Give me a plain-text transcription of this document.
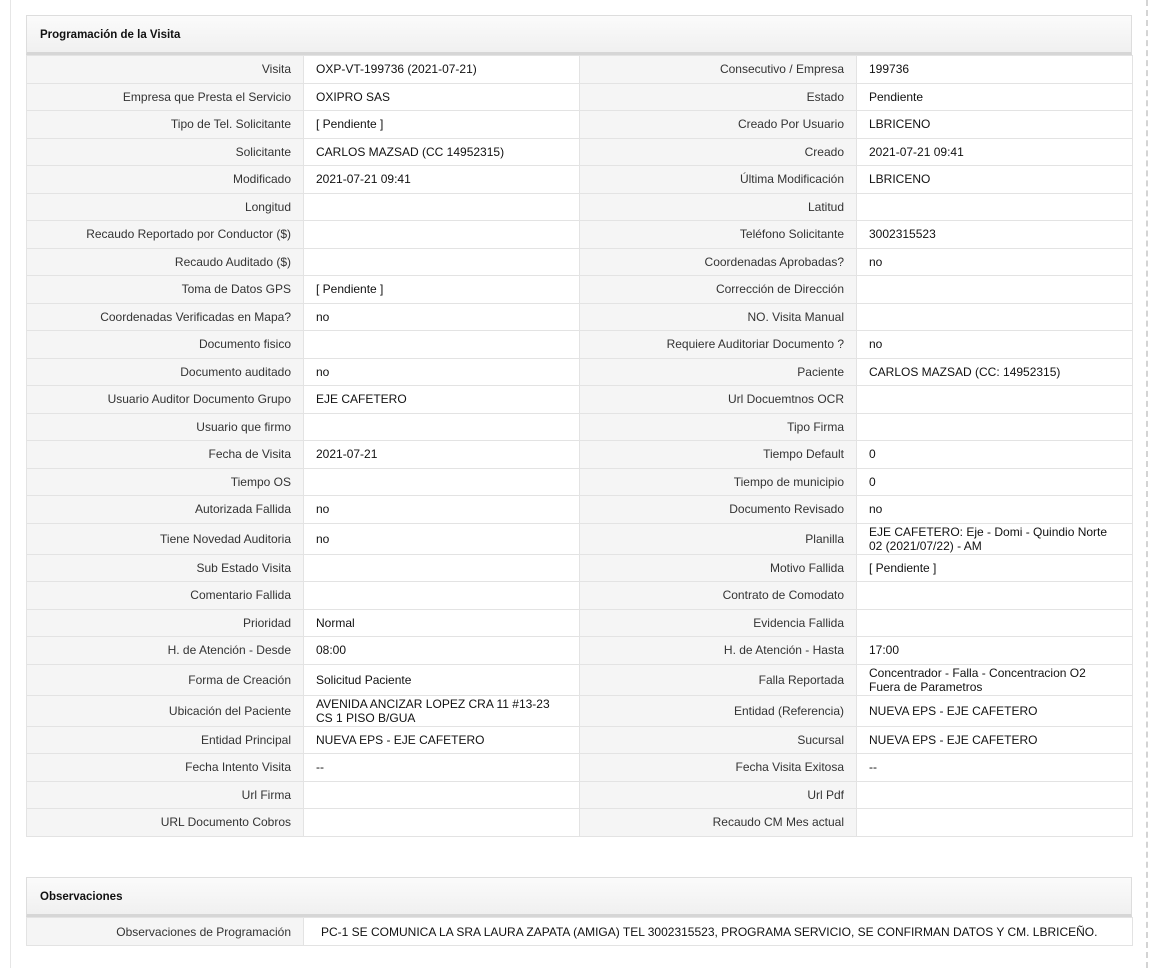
Programación de la Visita
Visita	OXP-VT-199736 (2021-07-21)	Consecutivo / Empresa	199736
Empresa que Presta el Servicio	OXIPRO SAS	Estado	Pendiente
Tipo de Tel. Solicitante	[ Pendiente ]	Creado Por Usuario	LBRICENO
Solicitante	CARLOS MAZSAD (CC 14952315)	Creado	2021-07-21 09:41
Modificado	2021-07-21 09:41	Última Modificación	LBRICENO
Longitud		Latitud	
Recaudo Reportado por Conductor ($)		Teléfono Solicitante	3002315523
Recaudo Auditado ($)		Coordenadas Aprobadas?	no
Toma de Datos GPS	[ Pendiente ]	Corrección de Dirección	
Coordenadas Verificadas en Mapa?	no	NO. Visita Manual	
Documento fisico		Requiere Auditoriar Documento ?	no
Documento auditado	no	Paciente	CARLOS MAZSAD (CC: 14952315)
Usuario Auditor Documento Grupo	EJE CAFETERO	Url Docuemtnos OCR	
Usuario que firmo		Tipo Firma	
Fecha de Visita	2021-07-21	Tiempo Default	0
Tiempo OS		Tiempo de municipio	0
Autorizada Fallida	no	Documento Revisado	no
Tiene Novedad Auditoria	no	Planilla	EJE CAFETERO: Eje - Domi - Quindio Norte 02 (2021/07/22) - AM
Sub Estado Visita		Motivo Fallida	[ Pendiente ]
Comentario Fallida		Contrato de Comodato	
Prioridad	Normal	Evidencia Fallida	
H. de Atención - Desde	08:00	H. de Atención - Hasta	17:00
Forma de Creación	Solicitud Paciente	Falla Reportada	Concentrador - Falla - Concentracion O2 Fuera de Parametros
Ubicación del Paciente	AVENIDA ANCIZAR LOPEZ CRA 11 #13-23 CS 1 PISO B/GUA	Entidad (Referencia)	NUEVA EPS - EJE CAFETERO
Entidad Principal	NUEVA EPS - EJE CAFETERO	Sucursal	NUEVA EPS - EJE CAFETERO
Fecha Intento Visita	--	Fecha Visita Exitosa	--
Url Firma		Url Pdf	
URL Documento Cobros		Recaudo CM Mes actual	
Observaciones
Observaciones de Programación	PC-1 SE COMUNICA LA SRA LAURA ZAPATA (AMIGA) TEL 3002315523, PROGRAMA SERVICIO, SE CONFIRMAN DATOS Y CM. LBRICEÑO.
